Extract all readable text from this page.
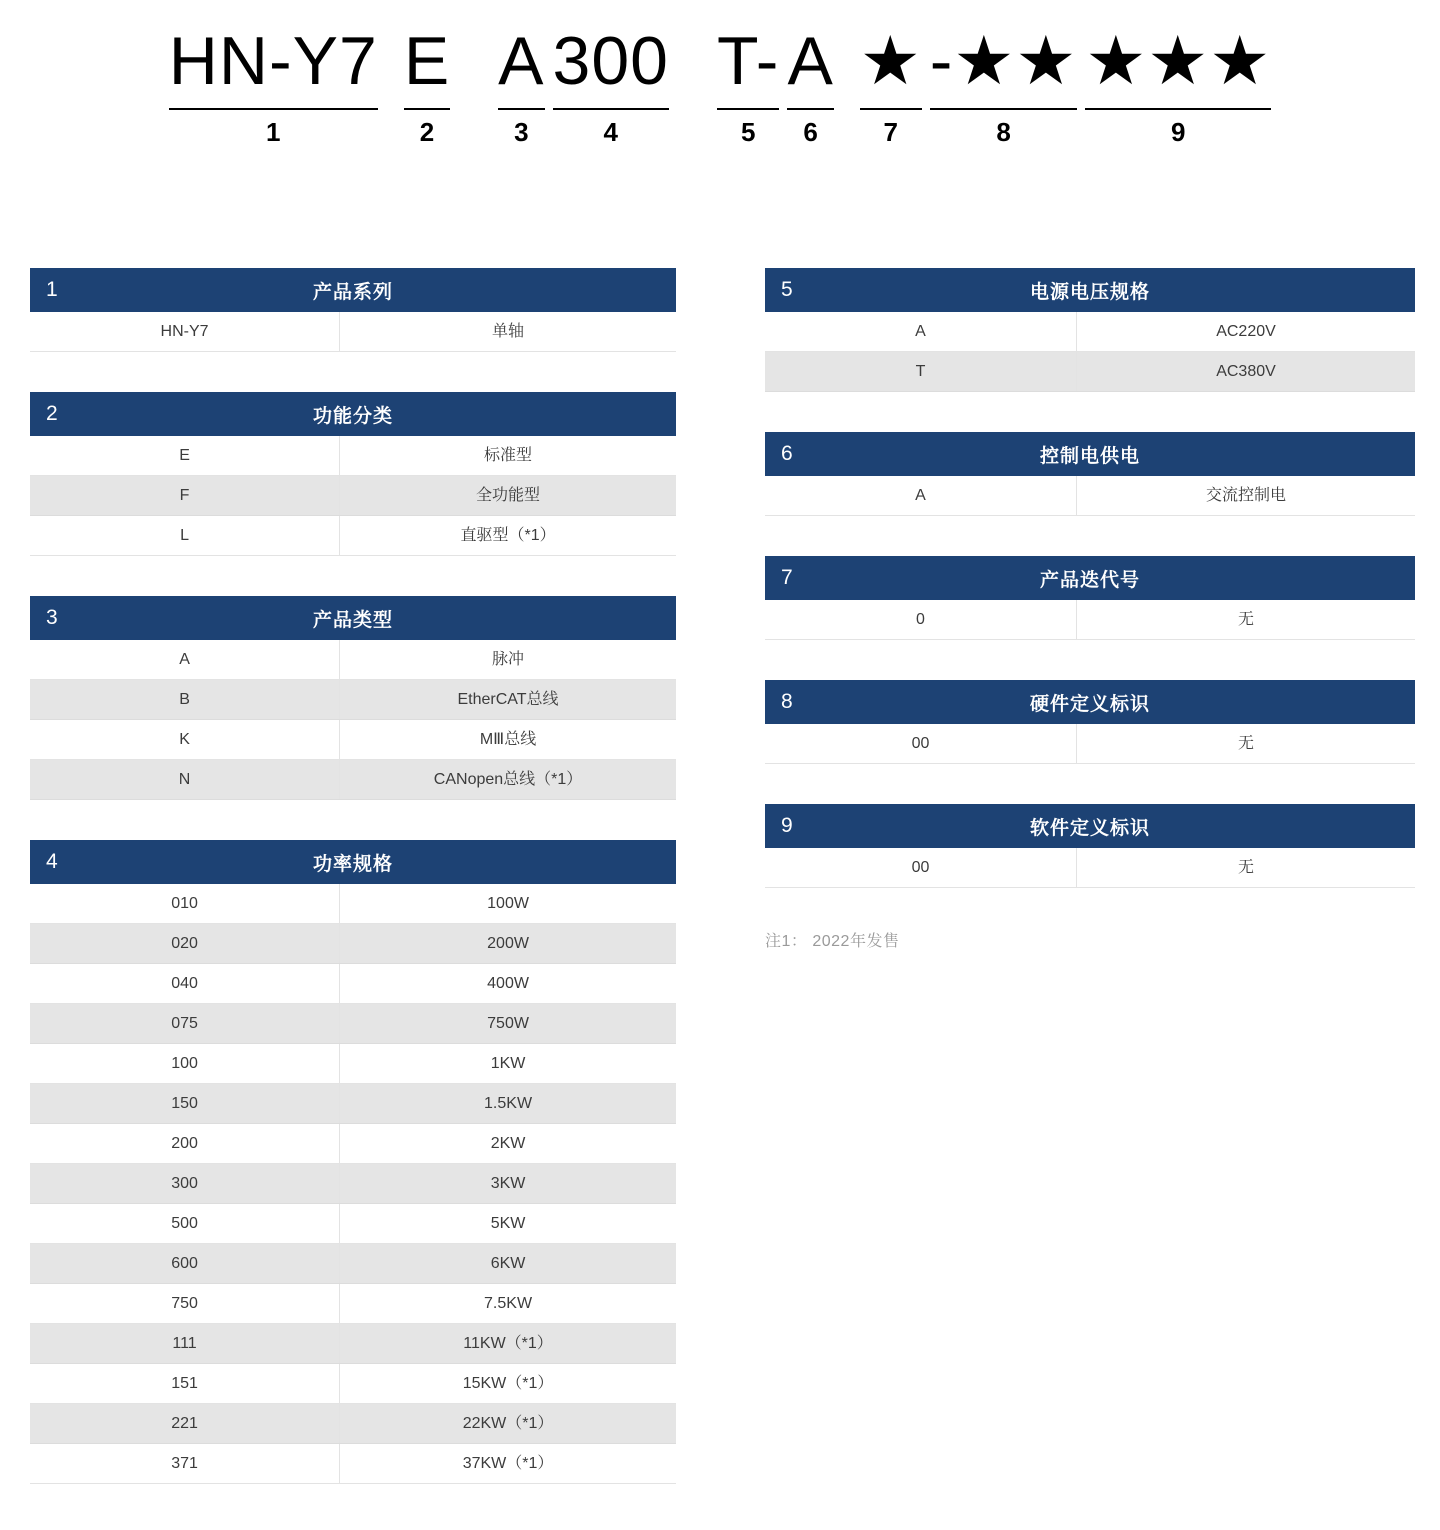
HN-Y7
1
E
2
A
3
300
4
T-
5
A
6
★
7
-★★
8
★★★
9
1	产品系列
HN-Y7	单轴
2	功能分类
E	标准型
F	全功能型
L	直驱型（*1）
3	产品类型
A	脉冲
B	EtherCAT总线
K	MⅢ总线
N	CANopen总线（*1）
4	功率规格
010	100W
020	200W
040	400W
075	750W
100	1KW
150	1.5KW
200	2KW
300	3KW
500	5KW
600	6KW
750	7.5KW
111	11KW（*1）
151	15KW（*1）
221	22KW（*1）
371	37KW（*1）
5	电源电压规格
A	AC220V
T	AC380V
6	控制电供电
A	交流控制电
7	产品迭代号
0	无
8	硬件定义标识
00	无
9	软件定义标识
00	无
注1： 2022年发售
